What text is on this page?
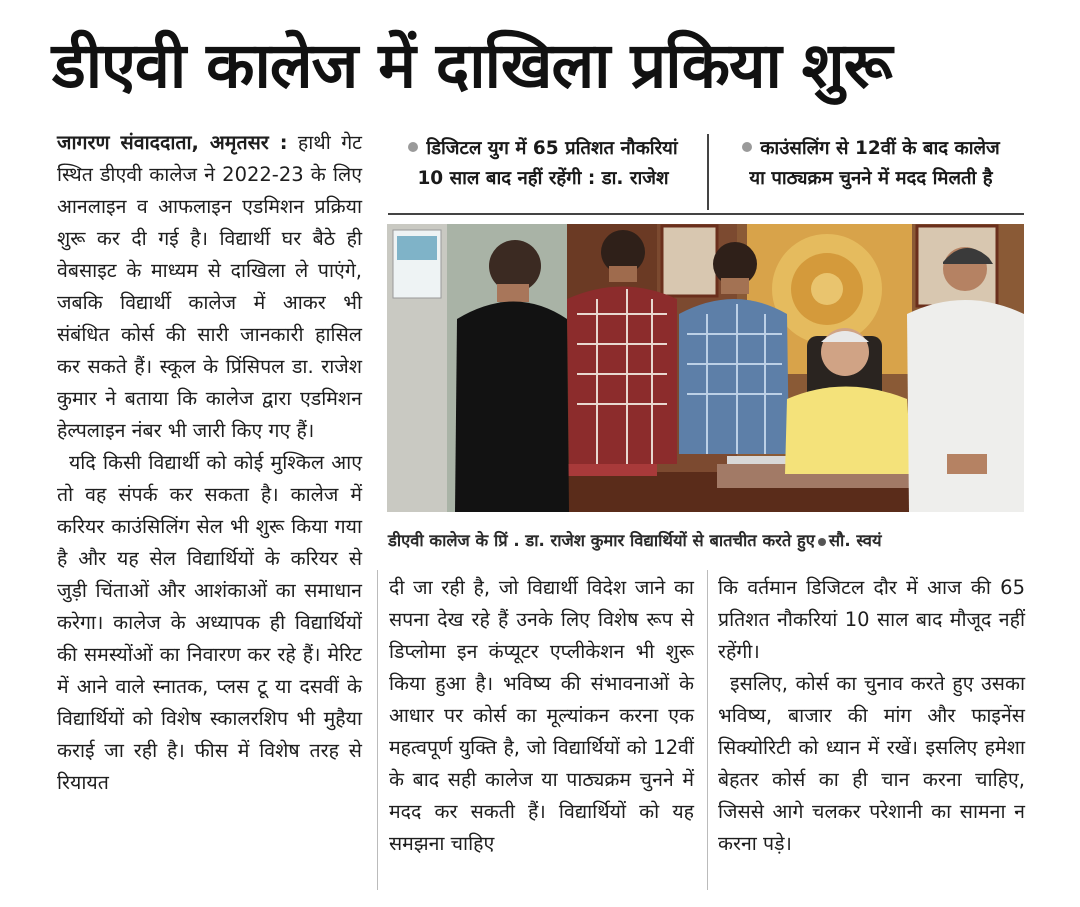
डीएवी कालेज में दाखिला प्रकिया शुरू

जागरण संवाददाता, अमृतसर : हाथी गेट स्थित डीएवी कालेज ने 2022-23 के लिए आनलाइन व आफलाइन एडमिशन प्रक्रिया शुरू कर दी गई है। विद्यार्थी घर बैठे ही वेबसाइट के माध्यम से दाखिला ले पाएंगे, जबकि विद्यार्थी कालेज में आकर भी संबंधित कोर्स की सारी जानकारी हासिल कर सकते हैं। स्कूल के प्रिंसिपल डा. राजेश कुमार ने बताया कि कालेज द्वारा एडमिशन हेल्पलाइन नंबर भी जारी किए गए हैं।

यदि किसी विद्यार्थी को कोई मुश्किल आए तो वह संपर्क कर सकता है। कालेज में करियर काउंसिलिंग सेल भी शुरू किया गया है और यह सेल विद्यार्थियों के करियर से जुड़ी चिंताओं और आशंकाओं का समाधान करेगा। कालेज के अध्यापक ही विद्यार्थियों की समस्योंओं का निवारण कर रहे हैं। मेरिट में आने वाले स्नातक, प्लस टू या दसवीं के विद्यार्थियों को विशेष स्कालरशिप भी मुहैया कराई जा रही है। फीस में विशेष तरह से रियायत

डिजिटल युग में 65 प्रतिशत नौकरियां
10 साल बाद नहीं रहेंगी : डा. राजेश
काउंसलिंग से 12वीं के बाद कालेज
या पाठ्यक्रम चुनने में मदद मिलती है
डीएवी कालेज के प्रिं . डा. राजेश कुमार विद्यार्थियों से बातचीत करते हुए सौ. स्वयं

दी जा रही है, जो विद्यार्थी विदेश जाने का सपना देख रहे हैं उनके लिए विशेष रूप से डिप्लोमा इन कंप्यूटर एप्लीकेशन भी शुरू किया हुआ है। भविष्य की संभावनाओं के आधार पर कोर्स का मूल्यांकन करना एक महत्वपूर्ण युक्ति है, जो विद्यार्थियों को 12वीं के बाद सही कालेज या पाठ्यक्रम चुनने में मदद कर सकती हैं। विद्यार्थियों को यह समझना चाहिए

कि वर्तमान डिजिटल दौर में आज की 65 प्रतिशत नौकरियां 10 साल बाद मौजूद नहीं रहेंगी।

इसलिए, कोर्स का चुनाव करते हुए उसका भविष्य, बाजार की मांग और फाइनेंस सिक्योरिटी को ध्यान में रखें। इसलिए हमेशा बेहतर कोर्स का ही चान करना चाहिए, जिससे आगे चलकर परेशानी का सामना न करना पड़े।
